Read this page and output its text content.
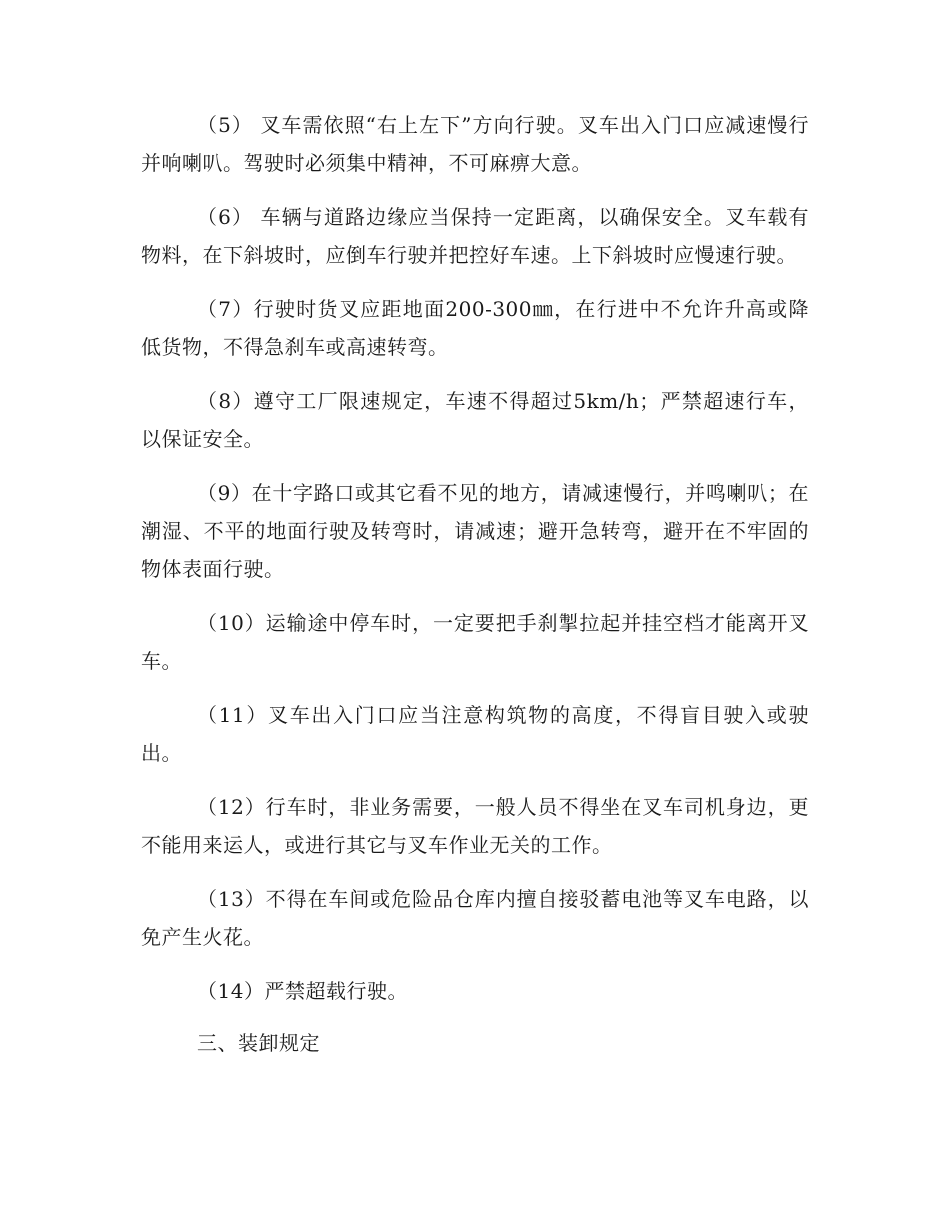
（5） 叉车需依照“右上左下”方向行驶。叉车出入门口应减速慢行并响喇叭。驾驶时必须集中精神，不可麻痹大意。

（6） 车辆与道路边缘应当保持一定距离，以确保安全。叉车载有物料，在下斜坡时，应倒车行驶并把控好车速。上下斜坡时应慢速行驶。

（7）行驶时货叉应距地面200-300㎜，在行进中不允许升高或降低货物，不得急刹车或高速转弯。

（8）遵守工厂限速规定，车速不得超过5km/h；严禁超速行车，以保证安全。

（9）在十字路口或其它看不见的地方，请减速慢行，并鸣喇叭；在潮湿、不平的地面行驶及转弯时，请减速；避开急转弯，避开在不牢固的物体表面行驶。

（10）运输途中停车时，一定要把手刹掣拉起并挂空档才能离开叉车。

（11）叉车出入门口应当注意构筑物的高度，不得盲目驶入或驶出。

（12）行车时，非业务需要，一般人员不得坐在叉车司机身边，更不能用来运人，或进行其它与叉车作业无关的工作。

（13）不得在车间或危险品仓库内擅自接驳蓄电池等叉车电路，以免产生火花。

（14）严禁超载行驶。

三、装卸规定
